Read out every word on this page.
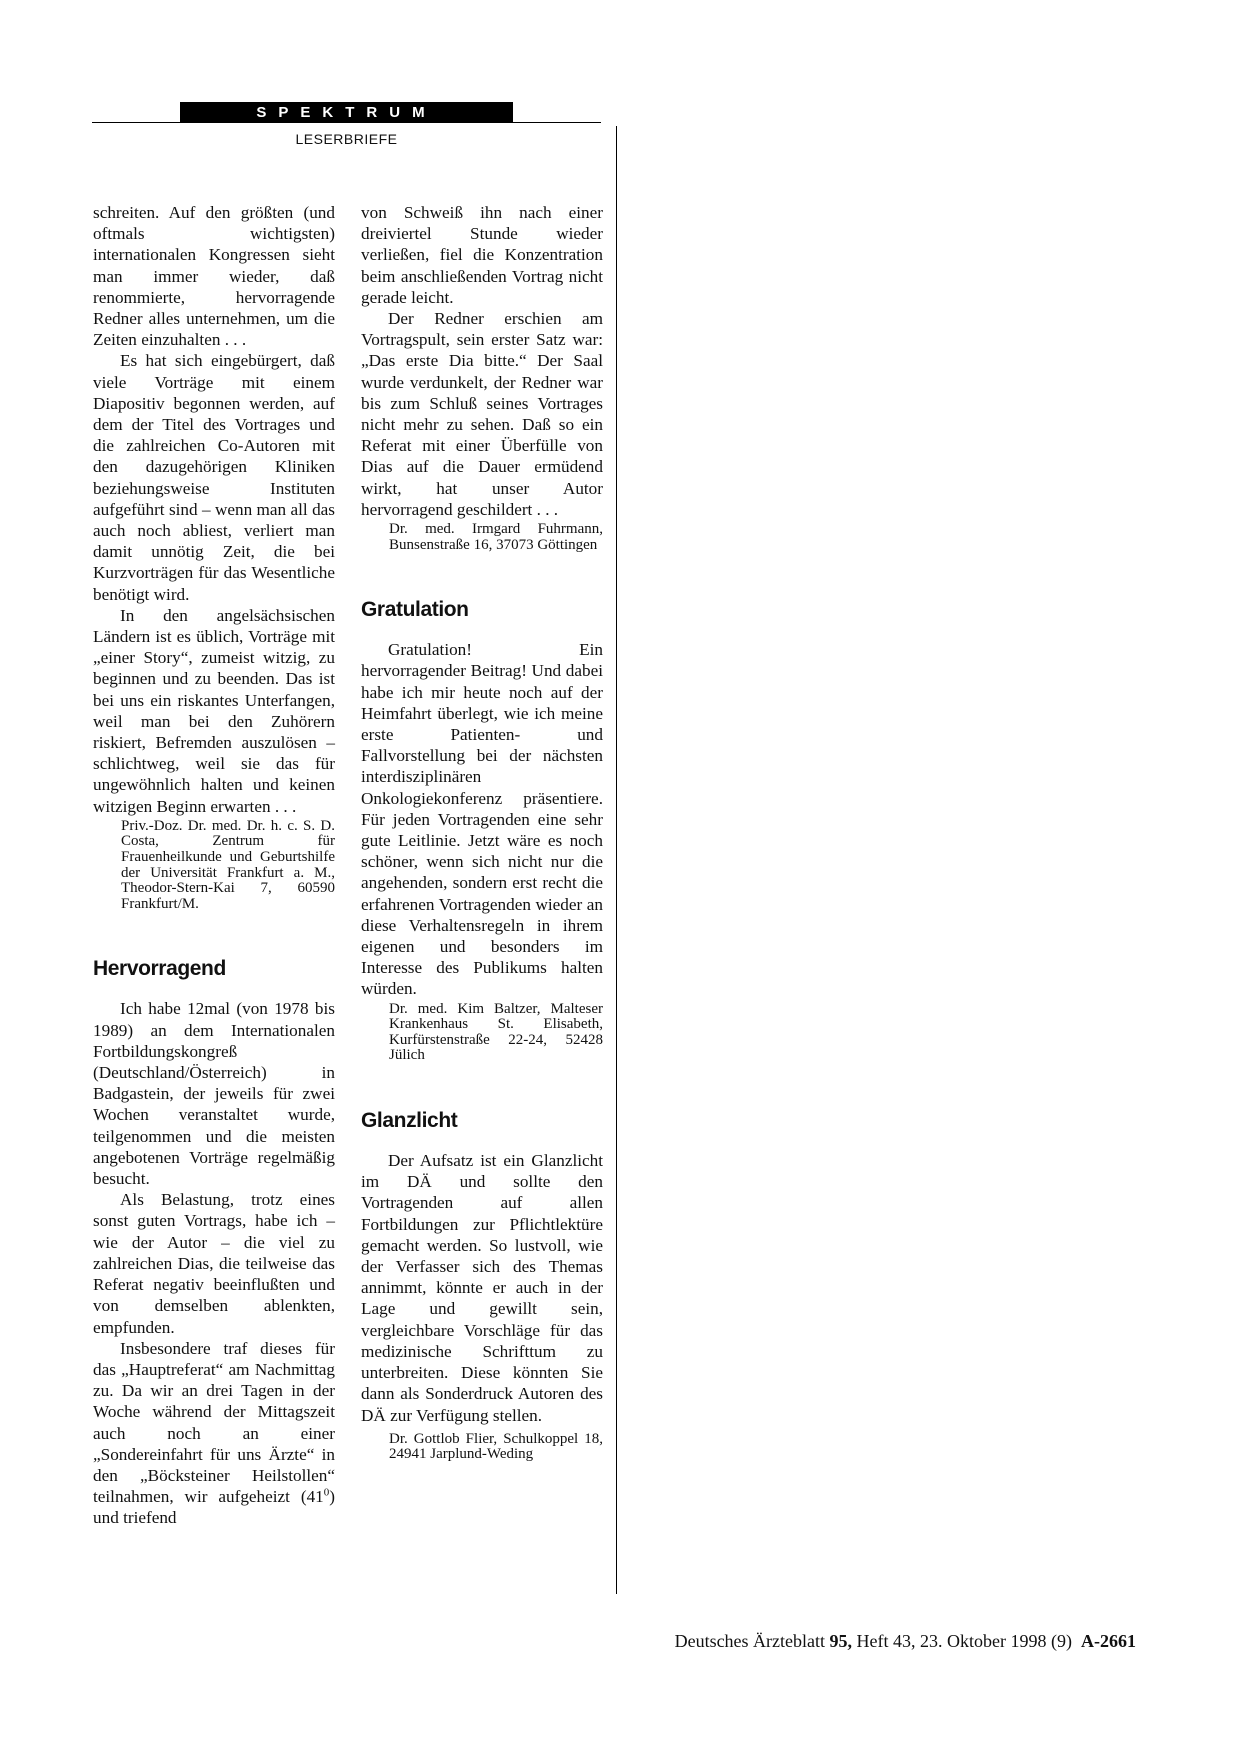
SPEKTRUM
LESERBRIEFE

schreiten. Auf den größten (und oftmals wichtigsten) internationalen Kongressen sieht man immer wieder, daß renommierte, hervorragende Redner alles unternehmen, um die Zeiten einzuhalten . . .

Es hat sich eingebürgert, daß viele Vorträge mit einem Diapositiv begonnen werden, auf dem der Titel des Vortrages und die zahlreichen Co-Autoren mit den dazugehörigen Kliniken beziehungsweise Instituten aufgeführt sind – wenn man all das auch noch abliest, verliert man damit unnötig Zeit, die bei Kurzvorträgen für das Wesentliche benötigt wird.

In den angelsächsischen Ländern ist es üblich, Vorträge mit „einer Story“, zumeist witzig, zu beginnen und zu beenden. Das ist bei uns ein riskantes Unterfangen, weil man bei den Zuhörern riskiert, Befremden auszulösen – schlichtweg, weil sie das für ungewöhnlich halten und keinen witzigen Beginn erwarten . . .

Priv.-Doz. Dr. med. Dr. h. c. S. D. Costa, Zentrum für Frauenheilkunde und Geburtshilfe der Universität Frankfurt a. M., Theodor-Stern-Kai 7, 60590 Frankfurt/M.
Hervorragend

Ich habe 12mal (von 1978 bis 1989) an dem Internationalen Fortbildungskongreß (Deutschland/Österreich) in Badgastein, der jeweils für zwei Wochen veranstaltet wurde, teilgenommen und die meisten angebotenen Vorträge regelmäßig besucht.

Als Belastung, trotz eines sonst guten Vortrags, habe ich – wie der Autor – die viel zu zahlreichen Dias, die teilweise das Referat negativ beeinflußten und von demselben ablenkten, empfunden.

Insbesondere traf dieses für das „Hauptreferat“ am Nachmittag zu. Da wir an drei Tagen in der Woche während der Mittagszeit auch noch an einer „Sondereinfahrt für uns Ärzte“ in den „Böcksteiner Heilstollen“ teilnahmen, wir aufgeheizt $(41^0)$ und triefend

von Schweiß ihn nach einer dreiviertel Stunde wieder verließen, fiel die Konzentration beim anschließenden Vortrag nicht gerade leicht.

Der Redner erschien am Vortragspult, sein erster Satz war: „Das erste Dia bitte.“ Der Saal wurde verdunkelt, der Redner war bis zum Schluß seines Vortrages nicht mehr zu sehen. Daß so ein Referat mit einer Überfülle von Dias auf die Dauer ermüdend wirkt, hat unser Autor hervorragend geschildert . . .

Dr. med. Irmgard Fuhrmann, Bunsenstraße 16, 37073 Göttingen
Gratulation

Gratulation! Ein hervorragender Beitrag! Und dabei habe ich mir heute noch auf der Heimfahrt überlegt, wie ich meine erste Patienten- und Fallvorstellung bei der nächsten interdisziplinären Onkologiekonferenz präsentiere. Für jeden Vortragenden eine sehr gute Leitlinie. Jetzt wäre es noch schöner, wenn sich nicht nur die angehenden, sondern erst recht die erfahrenen Vortragenden wieder an diese Verhaltensregeln in ihrem eigenen und besonders im Interesse des Publikums halten würden.

Dr. med. Kim Baltzer, Malteser Krankenhaus St. Elisabeth, Kurfürstenstraße 22-24, 52428 Jülich
Glanzlicht

Der Aufsatz ist ein Glanzlicht im DÄ und sollte den Vortragenden auf allen Fortbildungen zur Pflichtlektüre gemacht werden. So lustvoll, wie der Verfasser sich des Themas annimmt, könnte er auch in der Lage und gewillt sein, vergleichbare Vorschläge für das medizinische Schrifttum zu unterbreiten. Diese könnten Sie dann als Sonderdruck Autoren des DÄ zur Verfügung stellen.

Dr. Gottlob Flier, Schulkoppel 18, 24941 Jarplund-Weding
Deutsches Ärzteblatt 95, Heft 43, 23. Oktober 1998 (9) A-2661
